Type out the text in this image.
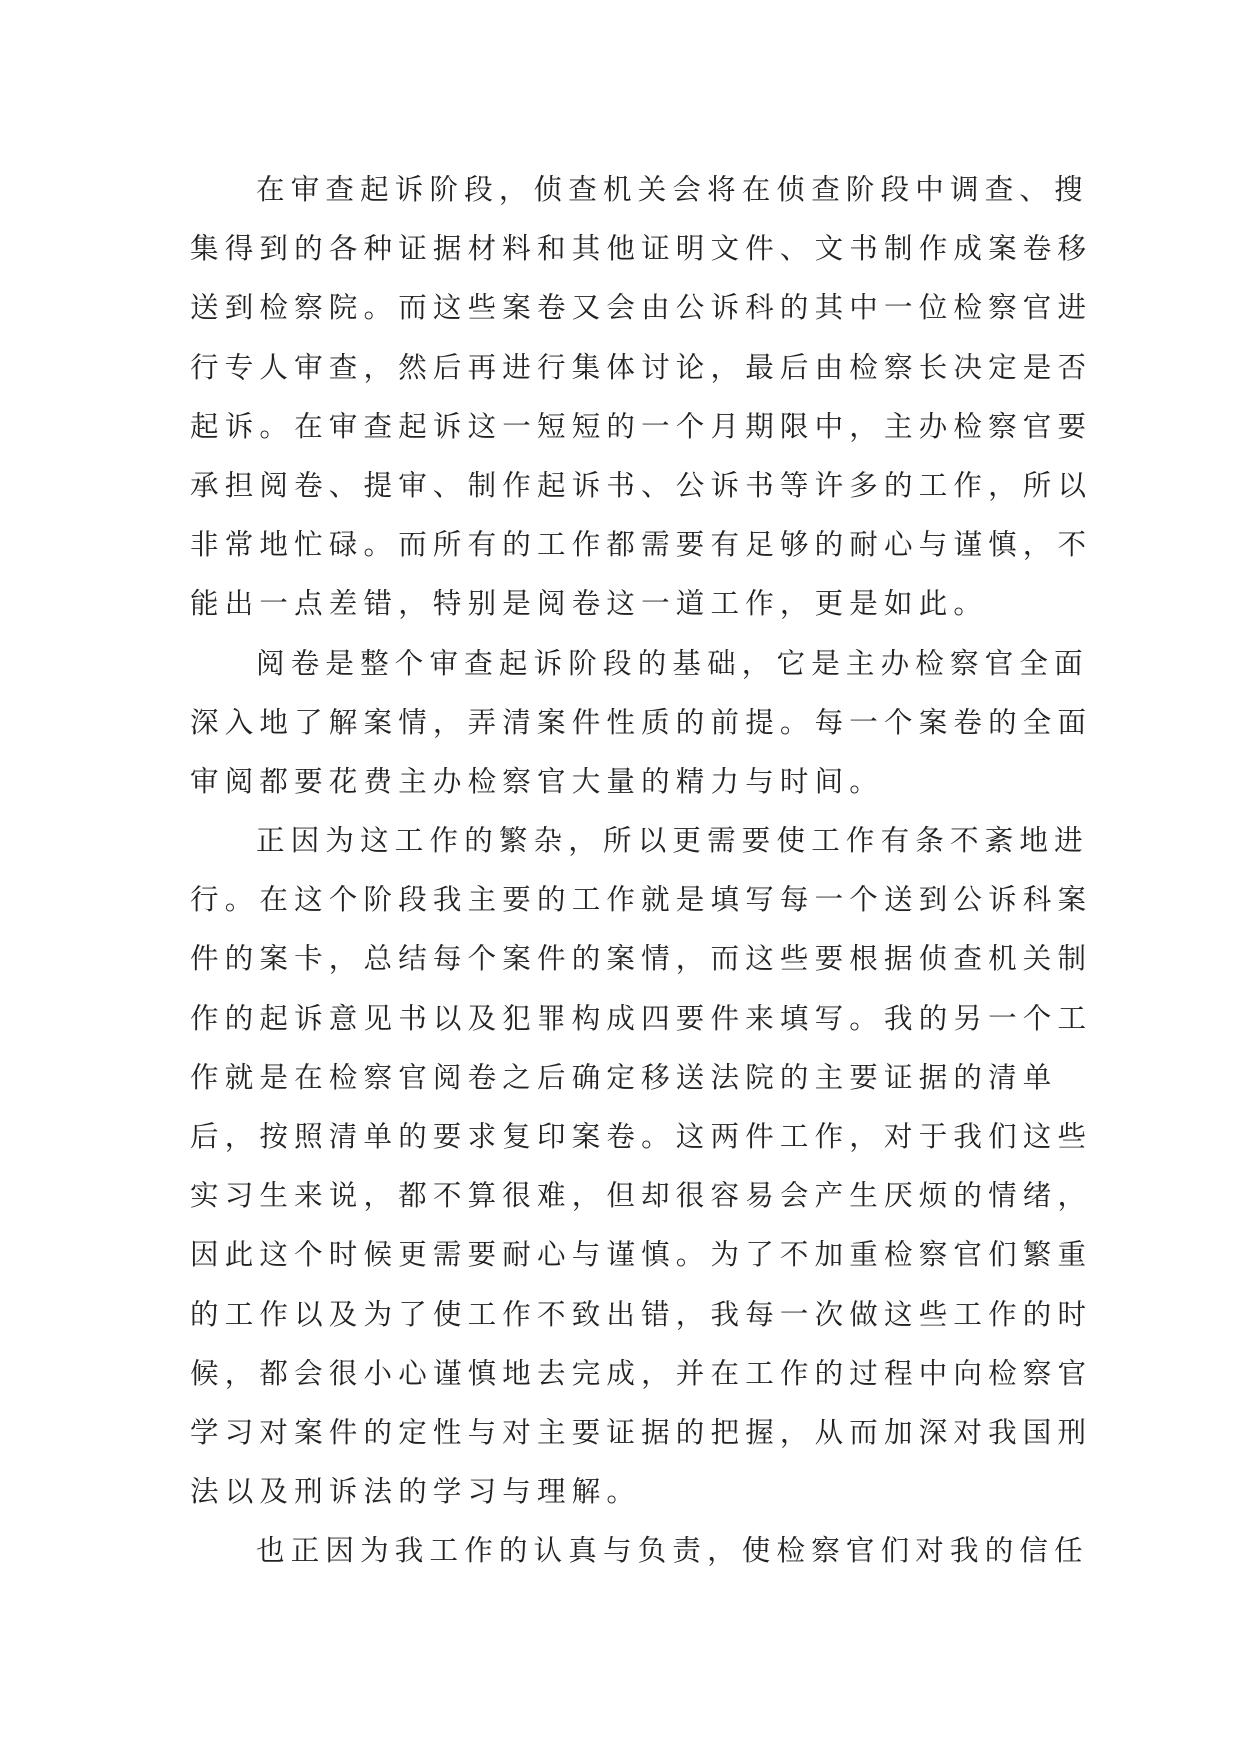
在审查起诉阶段，侦查机关会将在侦查阶段中调查、搜
集得到的各种证据材料和其他证明文件、文书制作成案卷移
送到检察院。而这些案卷又会由公诉科的其中一位检察官进
行专人审查，然后再进行集体讨论，最后由检察长决定是否
起诉。在审查起诉这一短短的一个月期限中，主办检察官要
承担阅卷、提审、制作起诉书、公诉书等许多的工作，所以
非常地忙碌。而所有的工作都需要有足够的耐心与谨慎，不
能出一点差错，特别是阅卷这一道工作，更是如此。
阅卷是整个审查起诉阶段的基础，它是主办检察官全面
深入地了解案情，弄清案件性质的前提。每一个案卷的全面
审阅都要花费主办检察官大量的精力与时间。
正因为这工作的繁杂，所以更需要使工作有条不紊地进
行。在这个阶段我主要的工作就是填写每一个送到公诉科案
件的案卡，总结每个案件的案情，而这些要根据侦查机关制
作的起诉意见书以及犯罪构成四要件来填写。我的另一个工
作就是在检察官阅卷之后确定移送法院的主要证据的清单
后，按照清单的要求复印案卷。这两件工作，对于我们这些
实习生来说，都不算很难，但却很容易会产生厌烦的情绪，
因此这个时候更需要耐心与谨慎。为了不加重检察官们繁重
的工作以及为了使工作不致出错，我每一次做这些工作的时
候，都会很小心谨慎地去完成，并在工作的过程中向检察官
学习对案件的定性与对主要证据的把握，从而加深对我国刑
法以及刑诉法的学习与理解。
也正因为我工作的认真与负责，使检察官们对我的信任
